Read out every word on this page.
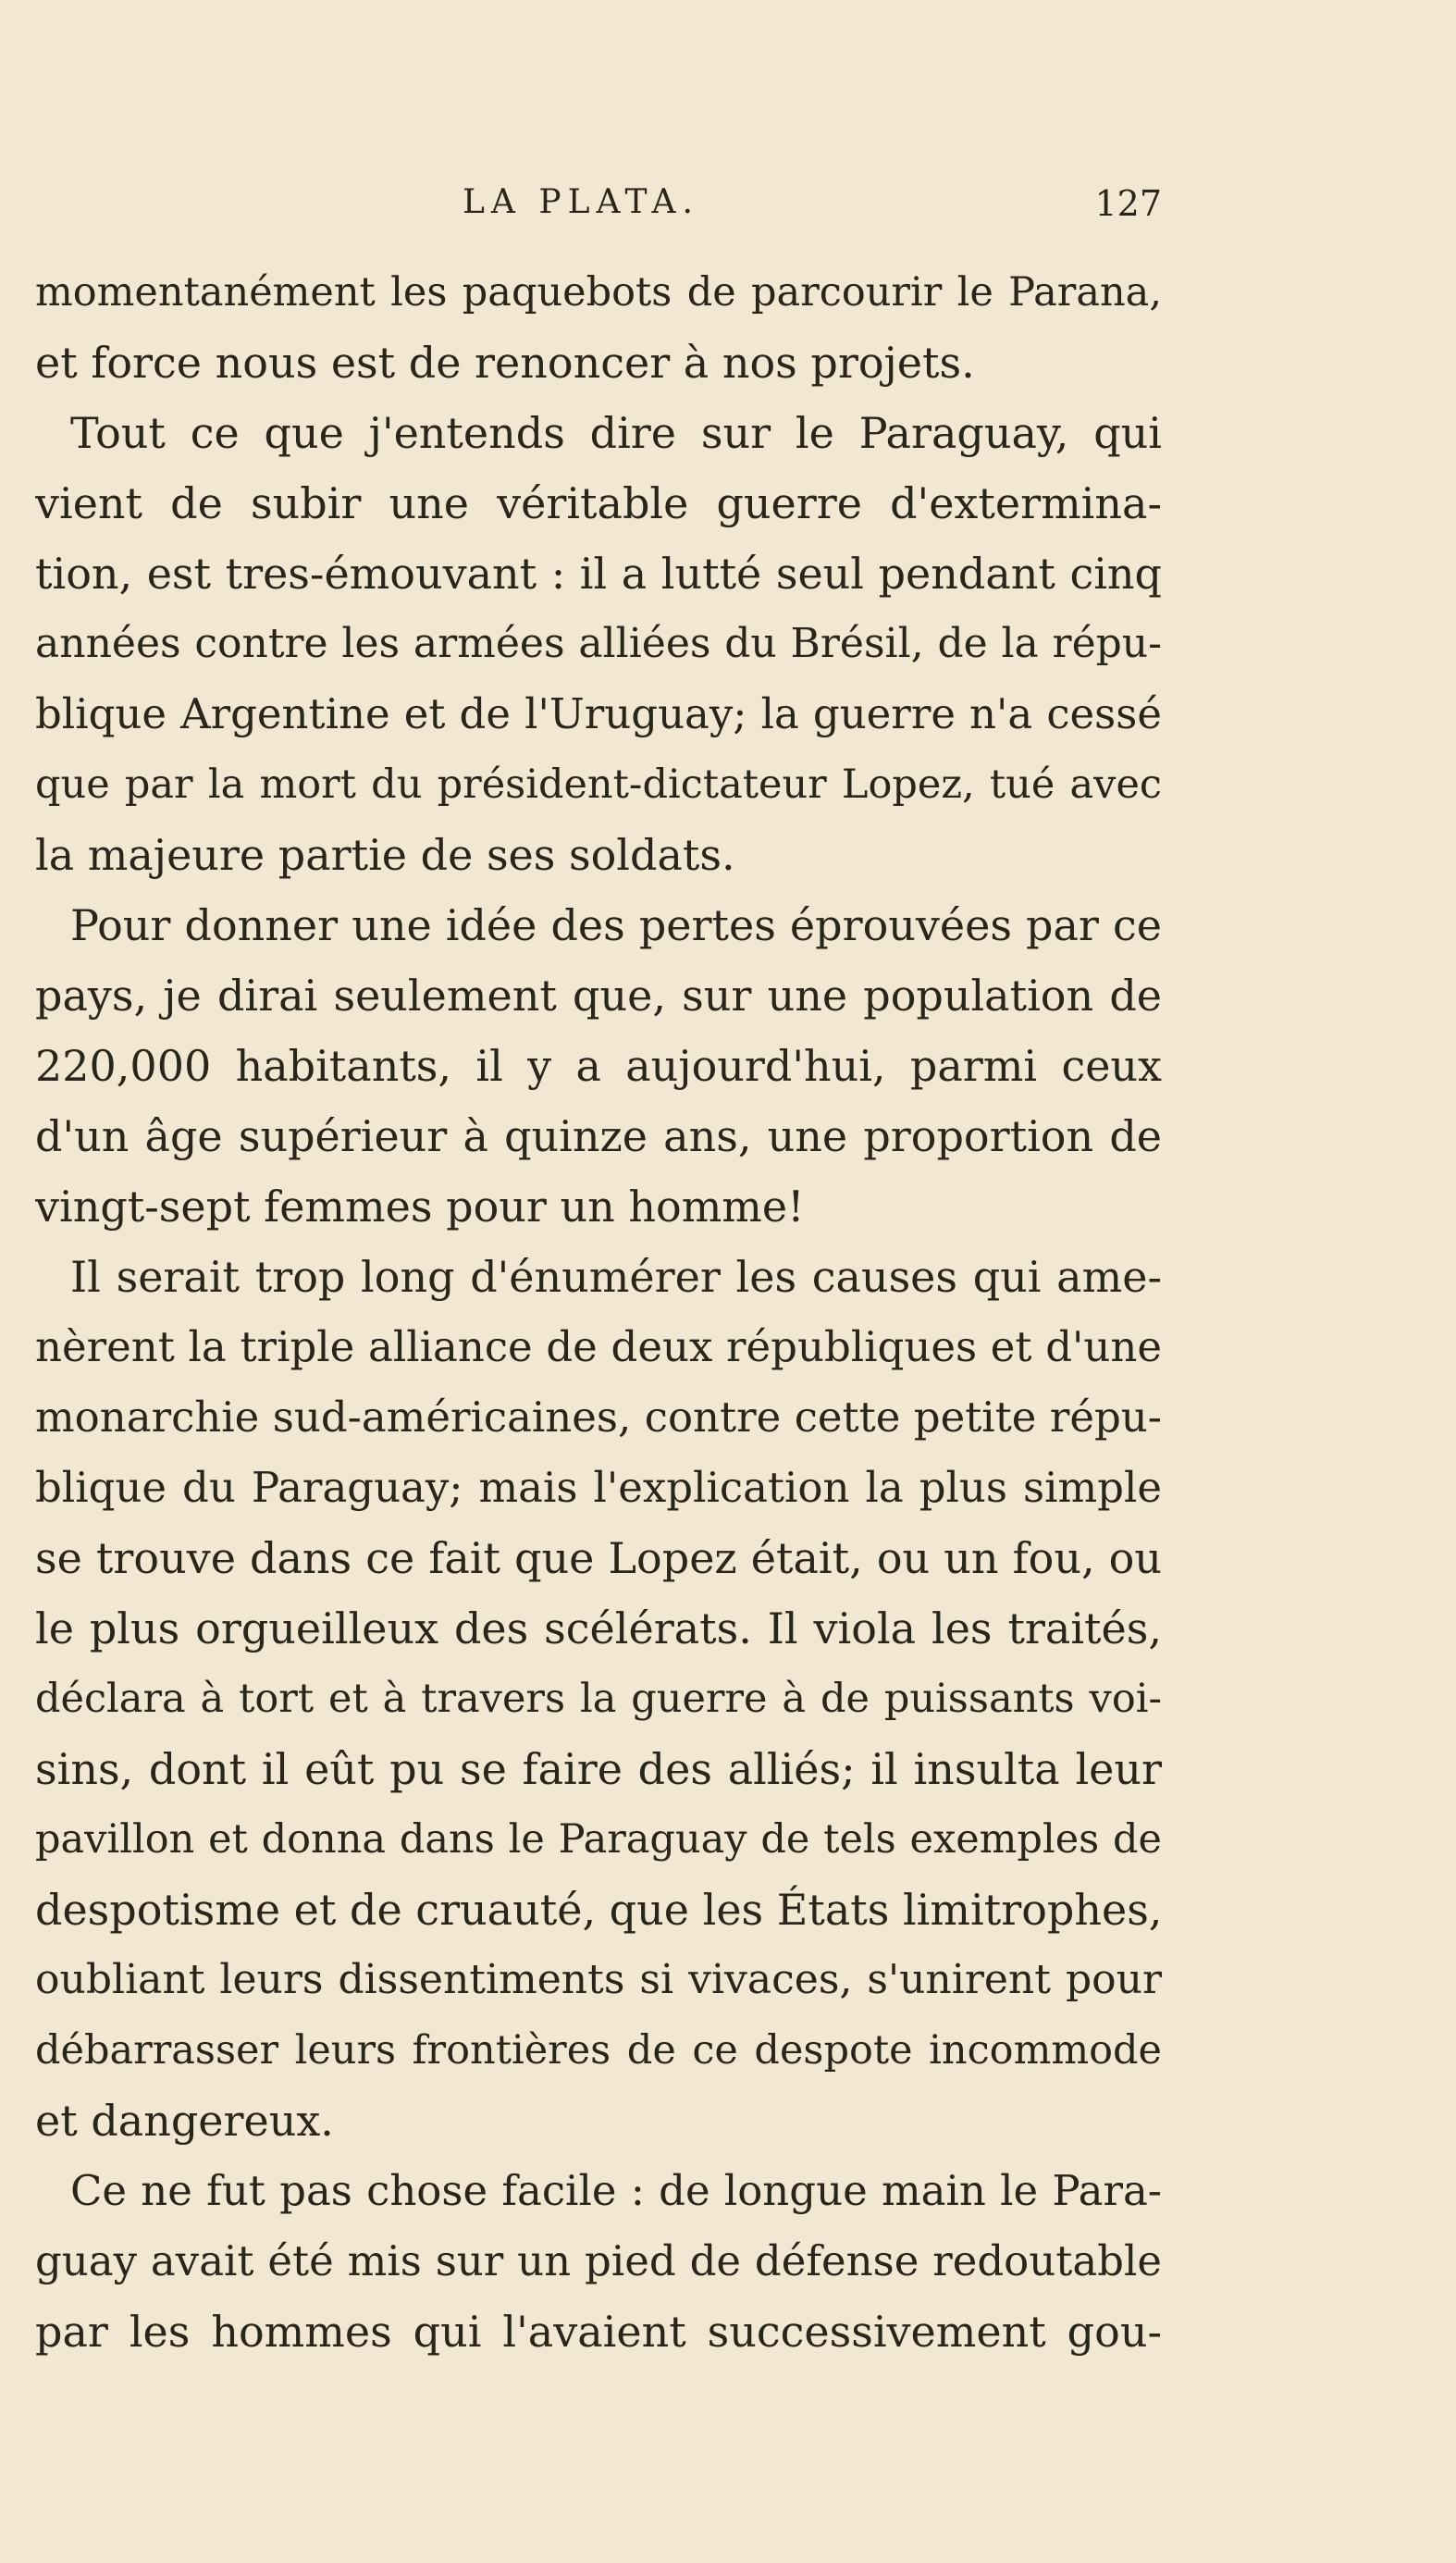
LA PLATA.	127
momentanément les paquebots de parcourir le Parana,
et force nous est de renoncer à nos projets.
Tout ce que j'entends dire sur le Paraguay, qui
vient de subir une véritable guerre d'extermina-
tion, est tres-émouvant : il a lutté seul pendant cinq
années contre les armées alliées du Brésil, de la répu-
blique Argentine et de l'Uruguay; la guerre n'a cessé
que par la mort du président-dictateur Lopez, tué avec
la majeure partie de ses soldats.
Pour donner une idée des pertes éprouvées par ce
pays, je dirai seulement que, sur une population de
220,000 habitants, il y a aujourd'hui, parmi ceux
d'un âge supérieur à quinze ans, une proportion de
vingt-sept femmes pour un homme!
Il serait trop long d'énumérer les causes qui ame-
nèrent la triple alliance de deux républiques et d'une
monarchie sud-américaines, contre cette petite répu-
blique du Paraguay; mais l'explication la plus simple
se trouve dans ce fait que Lopez était, ou un fou, ou
le plus orgueilleux des scélérats. Il viola les traités,
déclara à tort et à travers la guerre à de puissants voi-
sins, dont il eût pu se faire des alliés; il insulta leur
pavillon et donna dans le Paraguay de tels exemples de
despotisme et de cruauté, que les États limitrophes,
oubliant leurs dissentiments si vivaces, s'unirent pour
débarrasser leurs frontières de ce despote incommode
et dangereux.
Ce ne fut pas chose facile : de longue main le Para-
guay avait été mis sur un pied de défense redoutable
par les hommes qui l'avaient successivement gou-
